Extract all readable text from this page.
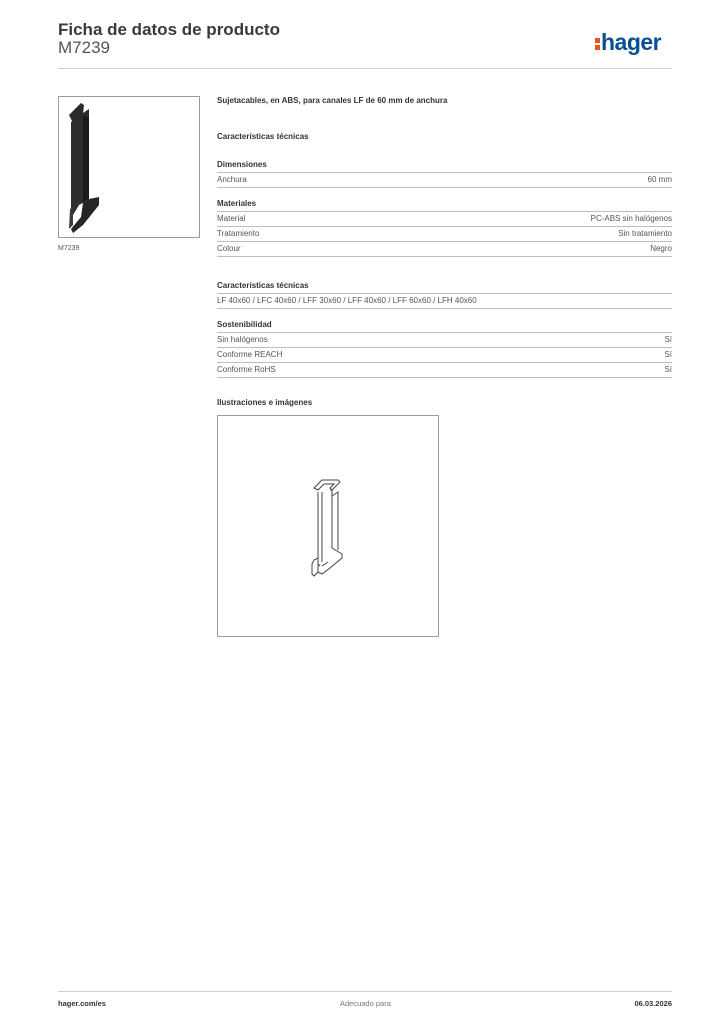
Ficha de datos de producto
M7239	hager
M7239
Sujetacables, en ABS, para canales LF de 60 mm de anchura
Características técnicas
Dimensiones
Anchura	60 mm
Materiales
Material	PC-ABS sin halógenos
Tratamiento	Sin tratamiento
Colour	Negro
Características técnicas
LF 40x60 / LFC 40x60 / LFF 30x60 / LFF 40x60 / LFF 60x60 / LFH 40x60
Sostenibilidad
Sin halógenos	Sí
Conforme REACH	Sí
Conforme RoHS	Sí
Ilustraciones e imágenes
hager.com/es	Adecuado para	06.03.2026
